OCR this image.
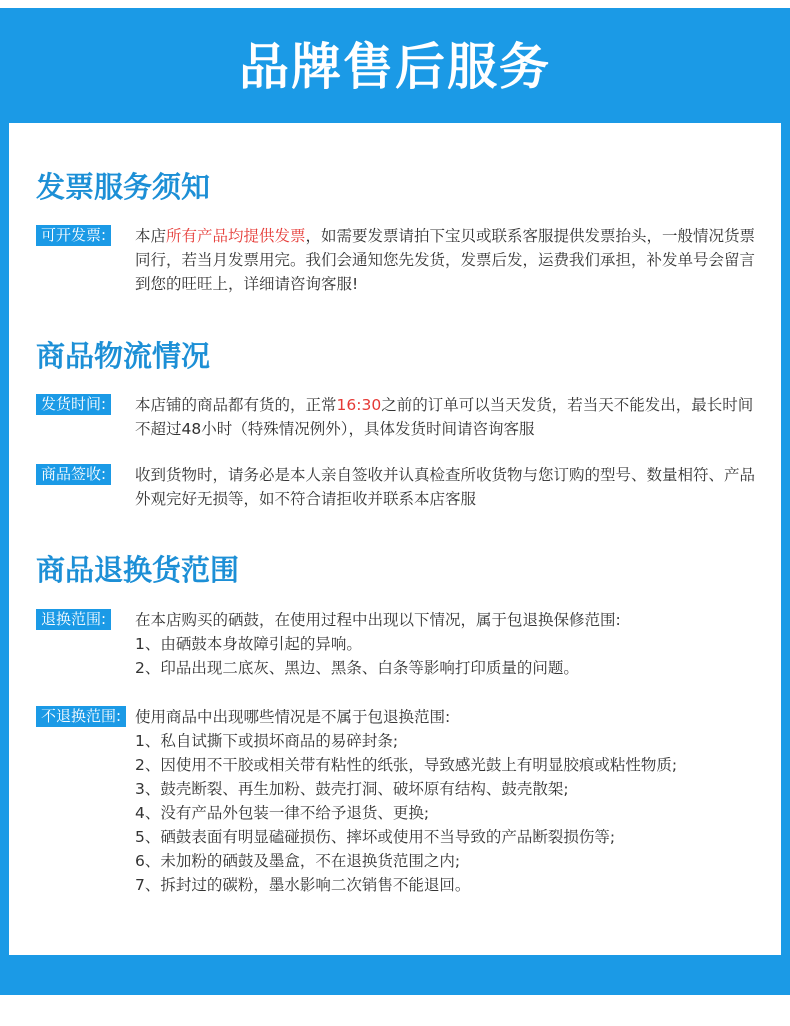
品牌售后服务
发票服务须知
可开发票:	本店所有产品均提供发票，如需要发票请拍下宝贝或联系客服提供发票抬头，一般情况货票同行，若当月发票用完。我们会通知您先发货，发票后发，运费我们承担，补发单号会留言到您的旺旺上，详细请咨询客服!
商品物流情况
发货时间:	本店铺的商品都有货的，正常16:30之前的订单可以当天发货，若当天不能发出，最长时间不超过48小时（特殊情况例外），具体发货时间请咨询客服
商品签收:	收到货物时，请务必是本人亲自签收并认真检查所收货物与您订购的型号、数量相符、产品外观完好无损等，如不符合请拒收并联系本店客服
商品退换货范围
退换范围:	在本店购买的硒鼓，在使用过程中出现以下情况，属于包退换保修范围:
1、由硒鼓本身故障引起的异响。
2、印品出现二底灰、黑边、黑条、白条等影响打印质量的问题。
不退换范围: 使用商品中出现哪些情况是不属于包退换范围:
1、私自试撕下或损坏商品的易碎封条;
2、因使用不干胶或相关带有粘性的纸张，导致感光鼓上有明显胶痕或粘性物质;
3、鼓壳断裂、再生加粉、鼓壳打洞、破坏原有结构、鼓壳散架;
4、没有产品外包装一律不给予退货、更换;
5、硒鼓表面有明显磕碰损伤、摔坏或使用不当导致的产品断裂损伤等;
6、未加粉的硒鼓及墨盒，不在退换货范围之内;
7、拆封过的碳粉，墨水影响二次销售不能退回。
